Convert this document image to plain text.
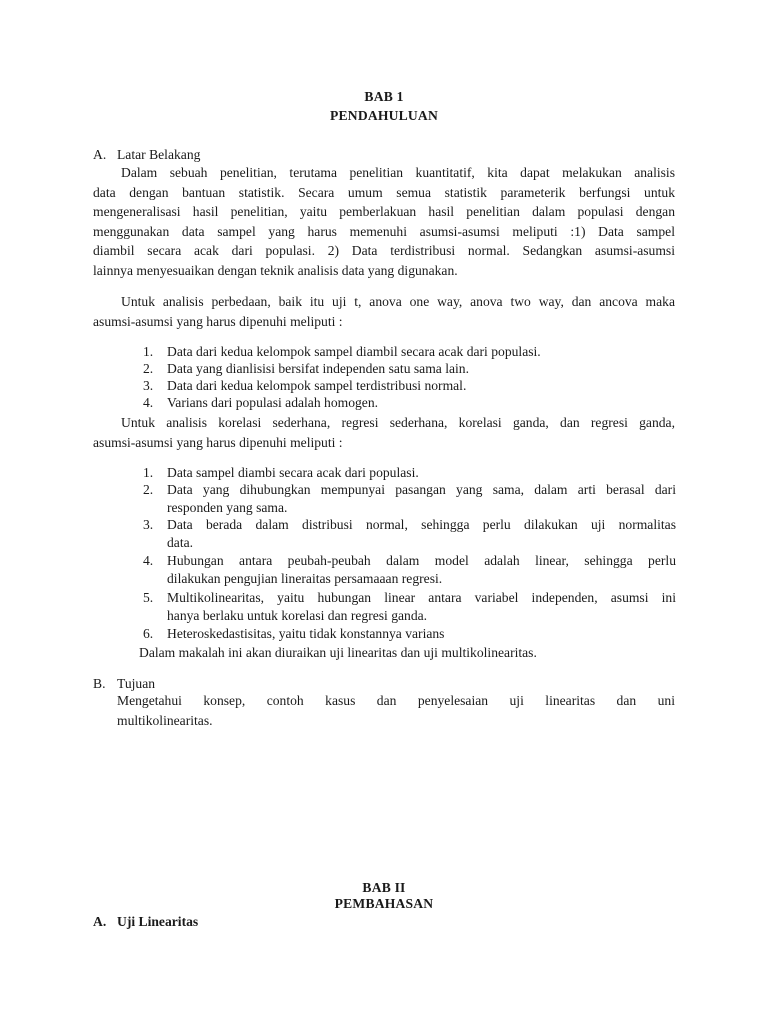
BAB 1
PENDAHULUAN
A. Latar Belakang
Dalam sebuah penelitian, terutama penelitian kuantitatif, kita dapat melakukan analisis
data dengan bantuan statistik. Secara umum semua statistik parameterik berfungsi untuk
mengeneralisasi hasil penelitian, yaitu pemberlakuan hasil penelitian dalam populasi dengan
menggunakan data sampel yang harus memenuhi asumsi-asumsi meliputi :1) Data sampel
diambil secara acak dari populasi. 2) Data terdistribusi normal. Sedangkan asumsi-asumsi
lainnya menyesuaikan dengan teknik analisis data yang digunakan.
Untuk analisis perbedaan, baik itu uji t, anova one way, anova two way, dan ancova maka
asumsi-asumsi yang harus dipenuhi meliputi :
1.	Data dari kedua kelompok sampel diambil secara acak dari populasi.
2.	Data yang dianlisisi bersifat independen satu sama lain.
3.	Data dari kedua kelompok sampel terdistribusi normal.
4.	Varians dari populasi adalah homogen.
Untuk analisis korelasi sederhana, regresi sederhana, korelasi ganda, dan regresi ganda,
asumsi-asumsi yang harus dipenuhi meliputi :
1.	Data sampel diambi secara acak dari populasi.
2.	Data yang dihubungkan mempunyai pasangan yang sama, dalam arti berasal dari
responden yang sama.
3.	Data berada dalam distribusi normal, sehingga perlu dilakukan uji normalitas
data.
4.	Hubungan antara peubah-peubah dalam model adalah linear, sehingga perlu
dilakukan pengujian lineraitas persamaaan regresi.
5.	Multikolinearitas, yaitu hubungan linear antara variabel independen, asumsi ini
hanya berlaku untuk korelasi dan regresi ganda.
6.	Heteroskedastisitas, yaitu tidak konstannya varians
Dalam makalah ini akan diuraikan uji linearitas dan uji multikolinearitas.
B. Tujuan
Mengetahui konsep, contoh kasus dan penyelesaian uji linearitas dan uni
multikolinearitas.
BAB II
PEMBAHASAN
A. Uji Linearitas
